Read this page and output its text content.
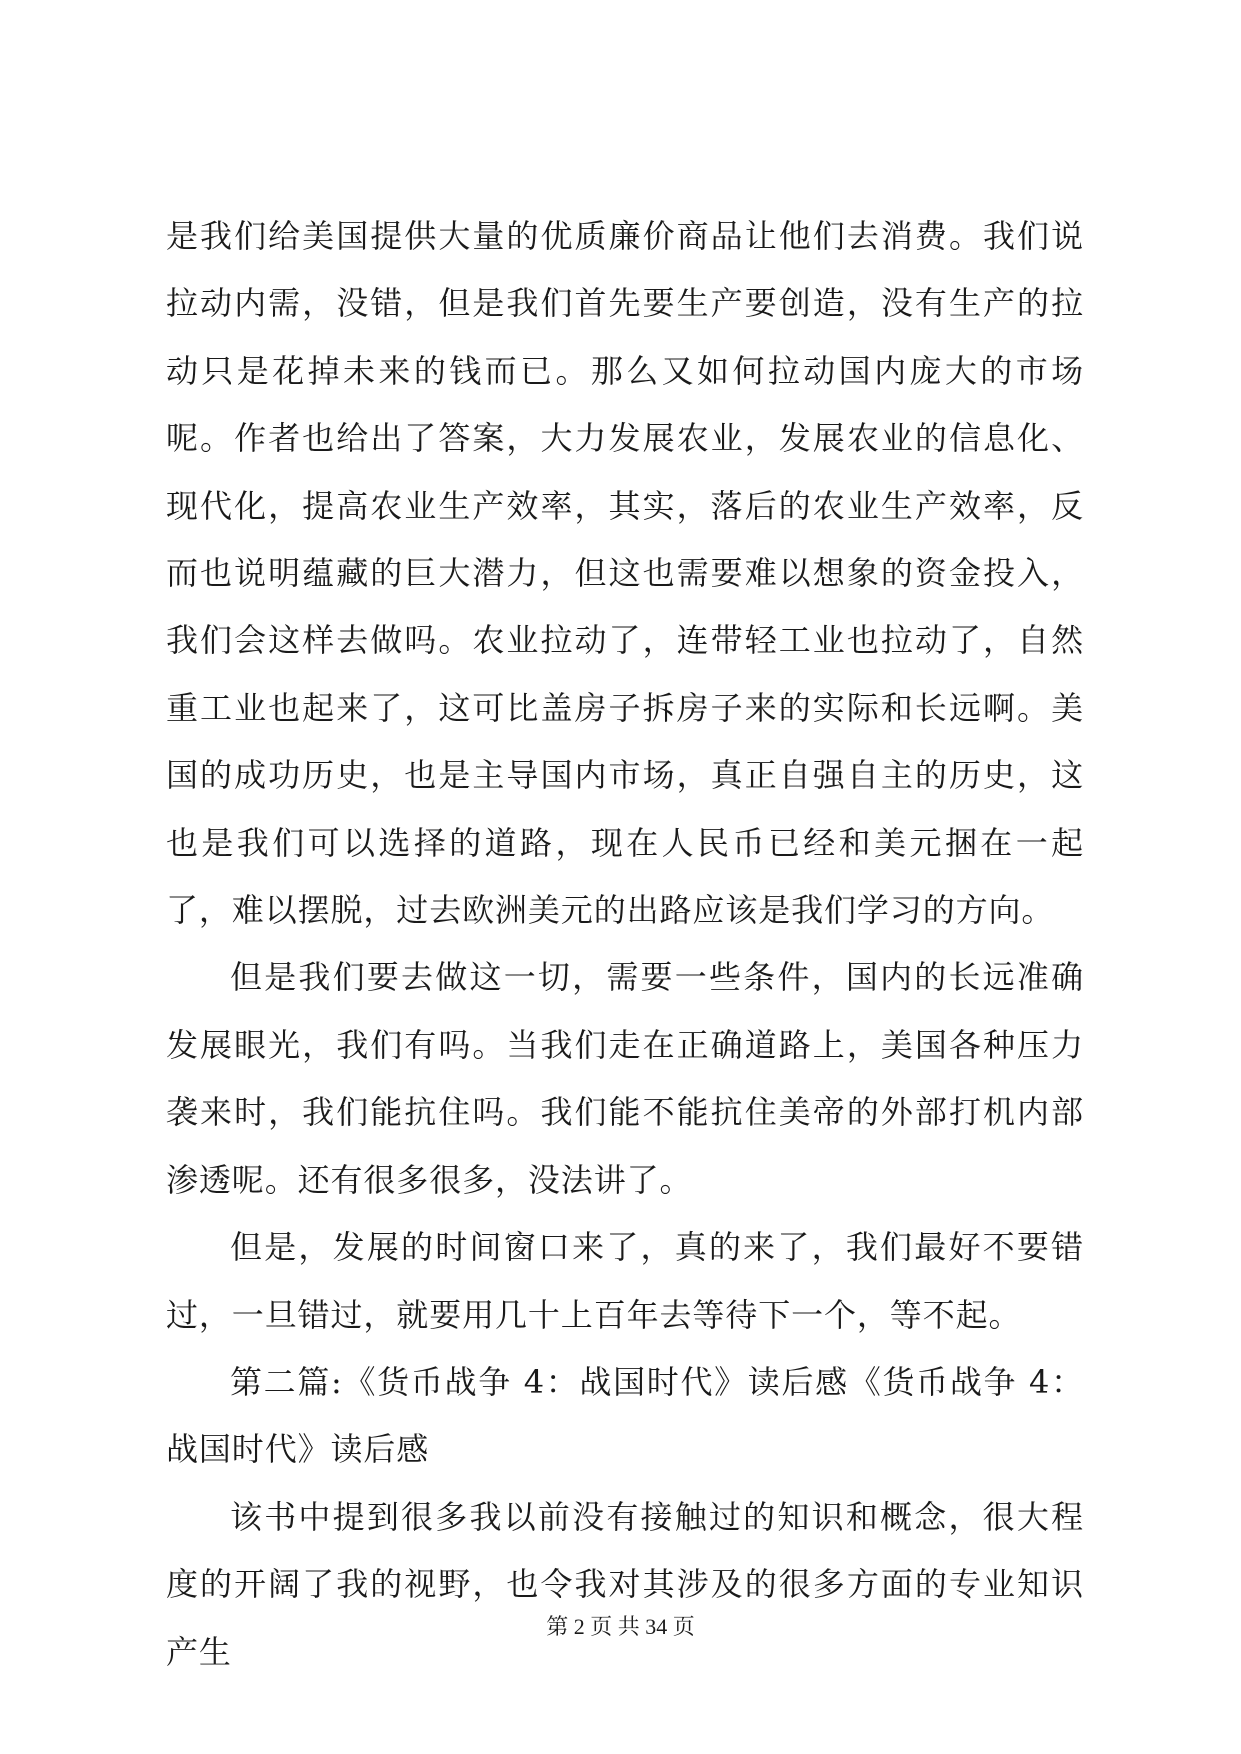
是我们给美国提供大量的优质廉价商品让他们去消费。我们说拉动内需，没错，但是我们首先要生产要创造，没有生产的拉动只是花掉未来的钱而已。那么又如何拉动国内庞大的市场呢。作者也给出了答案，大力发展农业，发展农业的信息化、现代化，提高农业生产效率，其实，落后的农业生产效率，反而也说明蕴藏的巨大潜力，但这也需要难以想象的资金投入，我们会这样去做吗。农业拉动了，连带轻工业也拉动了，自然重工业也起来了，这可比盖房子拆房子来的实际和长远啊。美国的成功历史，也是主导国内市场，真正自强自主的历史，这也是我们可以选择的道路，现在人民币已经和美元捆在一起了，难以摆脱，过去欧洲美元的出路应该是我们学习的方向。

但是我们要去做这一切，需要一些条件，国内的长远准确发展眼光，我们有吗。当我们走在正确道路上，美国各种压力袭来时，我们能抗住吗。我们能不能抗住美帝的外部打机内部渗透呢。还有很多很多，没法讲了。

但是，发展的时间窗口来了，真的来了，我们最好不要错过，一旦错过，就要用几十上百年去等待下一个，等不起。

第二篇:《货币战争 4：战国时代》读后感《货币战争 4：战国时代》读后感

该书中提到很多我以前没有接触过的知识和概念，很大程度的开阔了我的视野，也令我对其涉及的很多方面的专业知识产生

第 2 页 共 34 页
